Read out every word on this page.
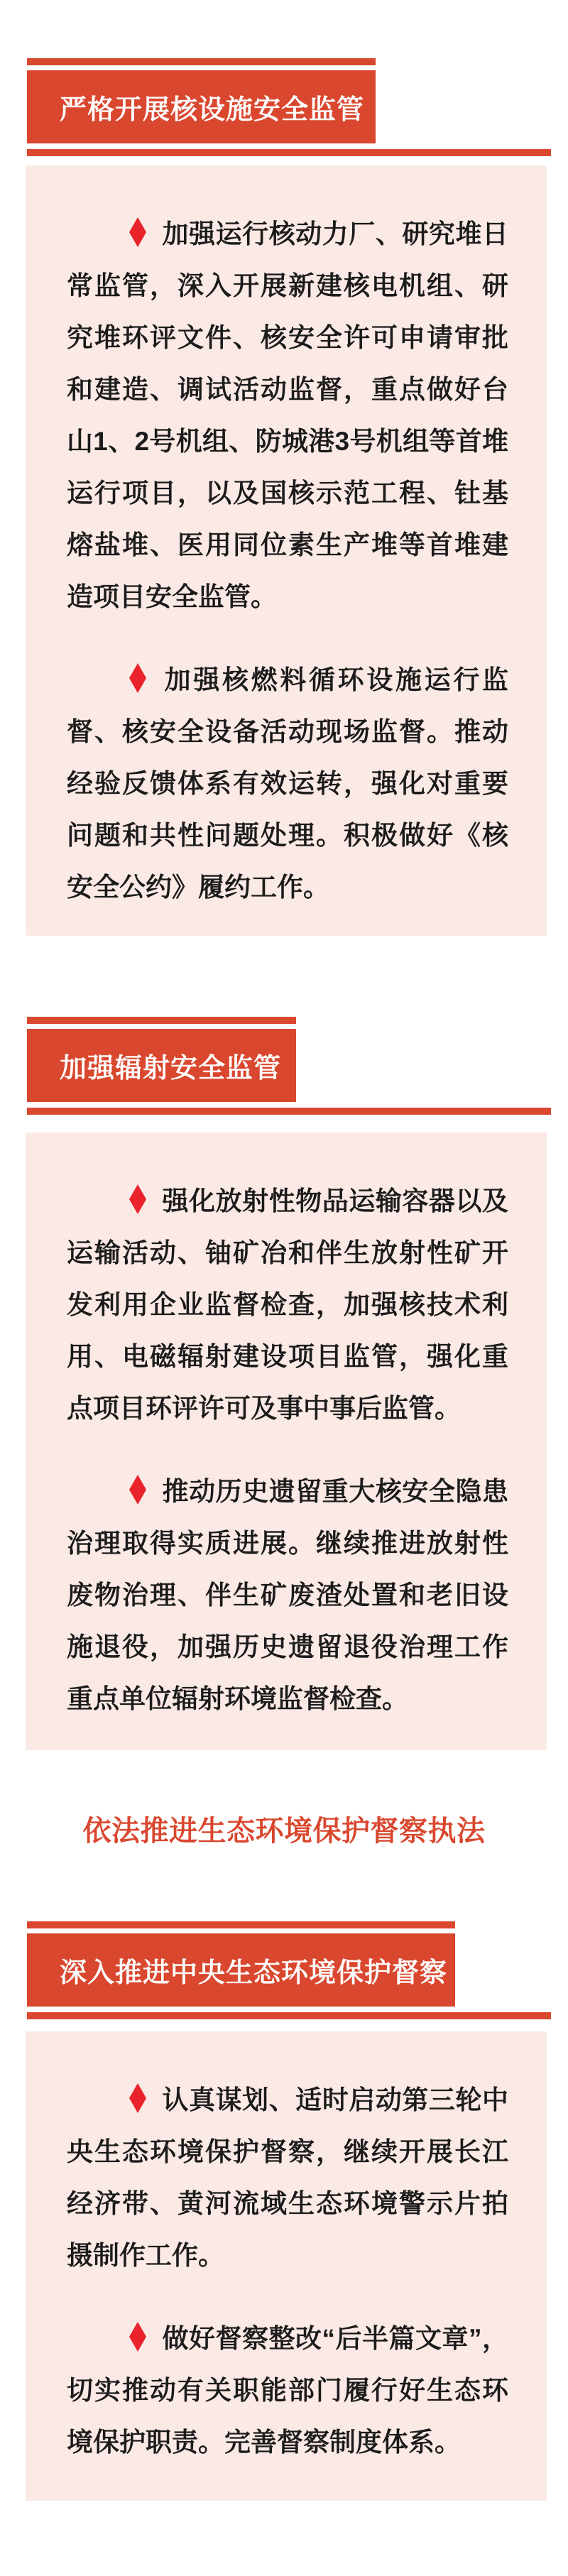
严格开展核设施安全监管

加强运行核动力厂、研究堆日常监管，深入开展新建核电机组、研究堆环评文件、核安全许可申请审批和建造、调试活动监督，重点做好台山1、2号机组、防城港3号机组等首堆运行项目，以及国核示范工程、钍基熔盐堆、医用同位素生产堆等首堆建造项目安全监管。

加强核燃料循环设施运行监督、核安全设备活动现场监督。推动经验反馈体系有效运转，强化对重要问题和共性问题处理。积极做好《核安全公约》履约工作。

加强辐射安全监管

强化放射性物品运输容器以及运输活动、铀矿冶和伴生放射性矿开发利用企业监督检查，加强核技术利用、电磁辐射建设项目监管，强化重点项目环评许可及事中事后监管。

推动历史遗留重大核安全隐患治理取得实质进展。继续推进放射性废物治理、伴生矿废渣处置和老旧设施退役，加强历史遗留退役治理工作重点单位辐射环境监督检查。

依法推进生态环境保护督察执法
深入推进中央生态环境保护督察

认真谋划、适时启动第三轮中央生态环境保护督察，继续开展长江经济带、黄河流域生态环境警示片拍摄制作工作。

做好督察整改“后半篇文章”，切实推动有关职能部门履行好生态环境保护职责。完善督察制度体系。
